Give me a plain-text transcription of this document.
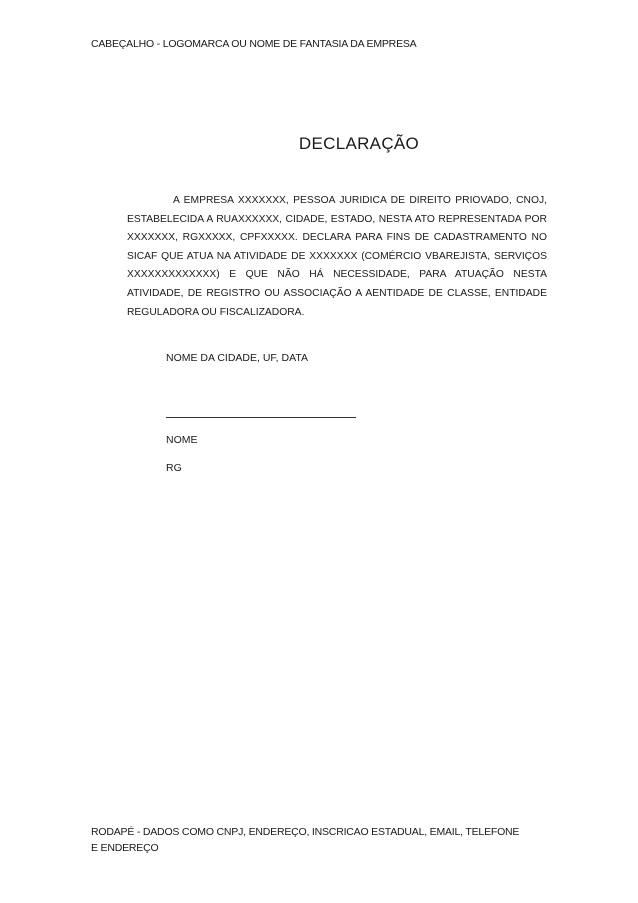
CABEÇALHO - LOGOMARCA OU NOME DE FANTASIA DA EMPRESA
DECLARAÇÃO

A EMPRESA XXXXXXX, PESSOA JURIDICA DE DIREITO PRIOVADO, CNOJ, ESTABELECIDA A RUAXXXXXX, CIDADE, ESTADO, NESTA ATO REPRESENTADA POR XXXXXXX, RGXXXXX, CPFXXXXX. DECLARA PARA FINS DE CADASTRAMENTO NO SICAF QUE ATUA NA ATIVIDADE DE XXXXXXX (COMÉRCIO VBAREJISTA, SERVIÇOS XXXXXXXXXXXXX) E QUE NÃO HÁ NECESSIDADE, PARA ATUAÇÃO NESTA ATIVIDADE, DE REGISTRO OU ASSOCIAÇÃO A AENTIDADE DE CLASSE, ENTIDADE REGULADORA OU FISCALIZADORA.

NOME DA CIDADE, UF, DATA
NOME
RG
RODAPÉ - DADOS COMO CNPJ, ENDEREÇO, INSCRICAO ESTADUAL, EMAIL, TELEFONE E ENDEREÇO
